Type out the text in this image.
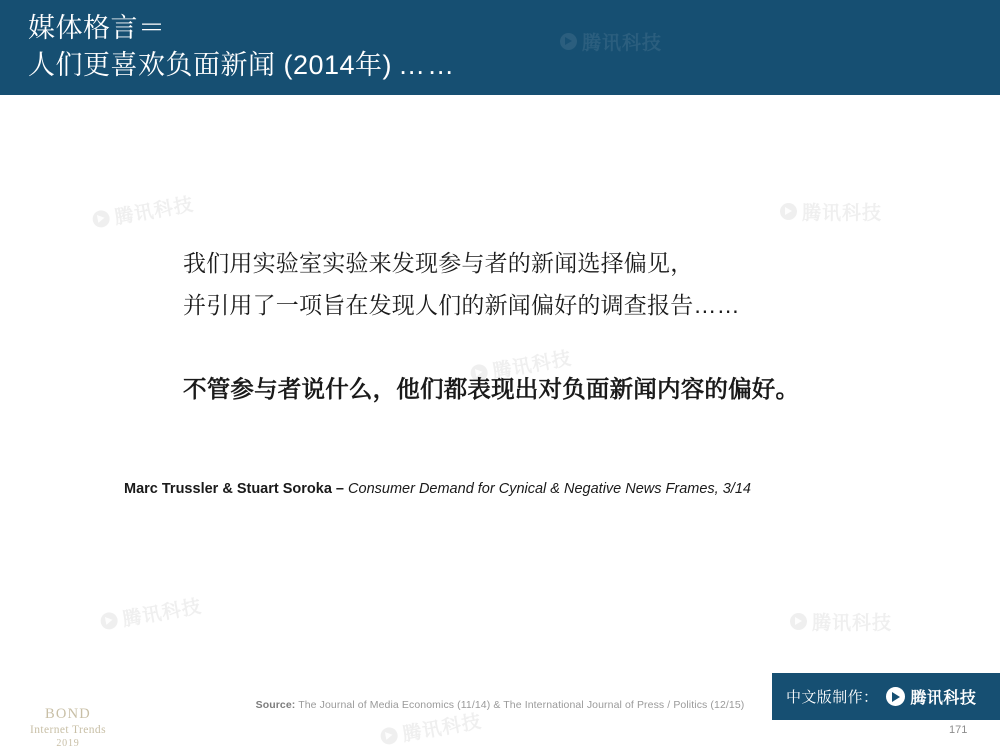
媒体格言＝
人们更喜欢负面新闻 (2014年) ……
腾讯科技
腾讯科技	腾讯科技
腾讯科技
腾讯科技	腾讯科技
腾讯科技

我们用实验室实验来发现参与者的新闻选择偏见，

并引用了一项旨在发现人们的新闻偏好的调查报告……

不管参与者说什么，他们都表现出对负面新闻内容的偏好。

Marc Trussler & Stuart Soroka – Consumer Demand for Cynical & Negative News Frames, 3/14
Source: The Journal of Media Economics (11/14) & The International Journal of Press / Politics (12/15)
BOND
Internet Trends
2019
中文版制作： 腾讯科技
171
